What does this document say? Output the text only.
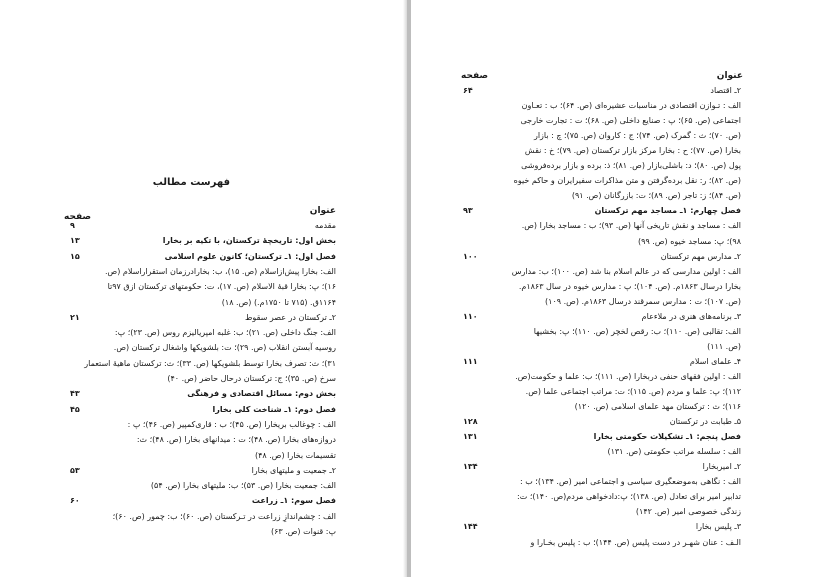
فهرست مطالب
عنوان
صفحه
مقدمه
۹
بخش اول: تاریخچهٔ ترکستان، با تکیه بر بخارا
۱۳
فصل اول: ۱ـ ترکستان؛ کانون علوم اسلامی
۱۵
الف: بخارا پیش‌ازاسلام (ص. ۱۵)، ب: بخارادرزمان استقراراسلام (ص.
۱۶)؛ پ: بخارا قبهٔ الاسلام (ص. ۱۷)، ت: حکومتهای ترکستان ازق ۹۷تا
۱۱۶۴ق. (۷۱۵ تا ۱۷۵۰م.) (ص. ۱۸)
۲ـ ترکستان در عصر سقوط
۲۱
الف: جنگ داخلی (ص. ۲۱)؛ ب: غلبه امپریالیزم روس (ص. ۲۳)؛ پ:
روسیه آبستن انقلاب (ص. ۲۹)؛ ت: بلشویکها واشغال ترکستان (ص.
۳۱)؛ ث: تصرف بخارا توسط بلشویکها (ص. ۳۳)؛ ث: ترکستان ماهیهٔ استعمار
سرخ (ص. ۳۵)؛ ج: ترکستان درحال حاضر (ص. ۴۰)
بخش دوم: مسائل اقتصادی و فرهنگی
۴۳
فصل دوم: ۱ـ شناخت کلی بخارا
۴۵
الف : چوغالب بریخارا (ص. ۴۵)؛ ب : قاری‌کمپیر (ص. ۴۶)؛ پ :
دروازه‌های بخارا (ص. ۴۸)؛ ت : میدانهای بخارا (ص. ۴۸)؛ ث:
تقسیمات بخارا (ص. ۴۸)
۲ـ جمعیت و ملیتهای بخارا
۵۳
الف: جمعیت بخارا (ص. ۵۳)؛ ب: ملیتهای بخارا (ص. ۵۴)
فصل سوم: ۱ـ زراعت
۶۰
الف : چشم‌اندازِ زراعت در تـرکستان (ص. ۶۰)؛ ب: چمور (ص. ۶۰)؛
پ: قنوات (ص. ۶۳)
عنوان
صفحه
۲ـ اقتصاد
۶۴
الف : تـوازن اقتصادی در مناسبات عشیره‌ای (ص. ۶۴)؛ ب : تعـاون
اجتماعی (ص. ۶۵)؛ پ : صنایع داخلی (ص. ۶۸)؛ ت : تجارت خارجی
(ص. ۷۰)؛ ث : گمرک (ص. ۷۴)؛ ج : کاروان (ص. ۷۵)؛ چ : بازار
بخارا (ص. ۷۷)؛ ح : بخارا مرکز بازار ترکستان (ص. ۷۹)؛ خ : نقش
پول (ص. ۸۰)؛ د: باشلی‌بازار (ص. ۸۱)؛ ذ: برده و بازار برده‌فروشی
(ص. ۸۲)؛ ر: نقل برده‌گرفتن و متن مذاکرات سفیرایران و حاکم خیوه
(ص. ۸۴)؛ ز: تاجر (ص. ۸۹)؛ ت: بازرگانان (ص. ۹۱)
فصل چهارم: ۱ـ مساجد مهم ترکستان
۹۳
الف : مساجد و نقش تاریخی آنها (ص. ۹۳)؛ ب : مساجد بخارا (ص.
۹۸)؛ پ: مساجد خیوه (ص. ۹۹)
۲ـ مدارس مهم ترکستان
۱۰۰
الف : اولین مدارسی که در عالم اسلام بنا شد (ص. ۱۰۰)؛ ب: مدارس
بخارا درسال ۱۸۶۳م. (ص. ۱۰۴)؛ پ : مدارس خیوه در سال ۱۸۶۳م.
(ص. ۱۰۷)؛ ت : مدارس سمرقند درسال ۱۸۶۳م. (ص. ۱۰۹)
۳ـ برنامه‌های هنری در ملاء‌عام
۱۱۰
الف: تقالبی (ص. ۱۱۰)؛ ب: رقص لخچر (ص. ۱۱۰)؛ پ: بخشیها
(ص. ۱۱۱)
۴ـ علمای اسلام
۱۱۱
الف : اولین فقهای حنفی دربخارا (ص. ۱۱۱)؛ ب: علما و حکومت(ص.
۱۱۲)؛ پ: علما و مردم (ص. ۱۱۵)؛ ت: مراتب اجتماعی علما (ص.
۱۱۶)؛ ث : ترکستان مهد علمای اسلامی (ص. ۱۲۰)
۵ـ طبابت در ترکستان
۱۲۸
فصل پنجم: ۱ـ تشکیلات حکومتی بخارا
۱۳۱
الف : سلسله مراتب حکومتی (ص. ۱۳۱)
۲ـ امیربخارا
۱۳۴
الف : نگاهی به‌موضعگیری سیاسی و اجتماعی امیر (ص. ۱۳۴)؛ ب :
تدابیر امیر برای تعادل (ص. ۱۳۸)؛ پ:دادخواهی مردم(ص. ۱۴۰)؛ ت:
زندگی خصوصی امیر (ص. ۱۴۲)
۳ـ پلیس بخارا
۱۴۴
الـف : عنان شهـر در دست پلیس (ص. ۱۴۴)؛ ب : پلیس بخـارا و
